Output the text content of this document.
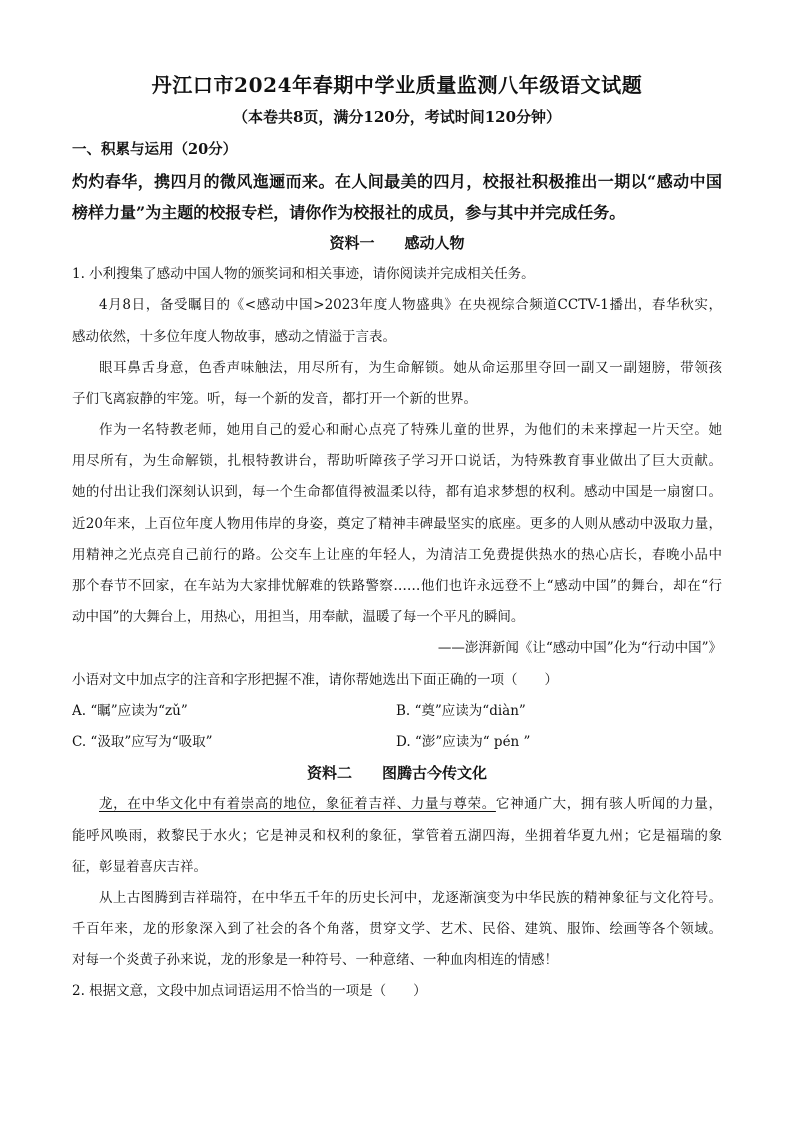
丹江口市2024年春期中学业质量监测八年级语文试题
（本卷共8页，满分120分，考试时间120分钟）
一、积累与运用（20分）
灼灼春华，携四月的微风迤逦而来。在人间最美的四月，校报社积极推出一期以“感动中国
榜样力量”为主题的校报专栏，请你作为校报社的成员，参与其中并完成任务。
资料一　　感动人物
1. 小利搜集了感动中国人物的颁奖词和相关事迹，请你阅读并完成相关任务。
4月8日，备受瞩目的《<感动中国>2023年度人物盛典》在央视综合频道CCTV-1播出，春华秋实，
感动依然，十多位年度人物故事，感动之情溢于言表。
眼耳鼻舌身意，色香声味触法，用尽所有，为生命解锁。她从命运那里夺回一副又一副翅膀，带领孩
子们飞离寂静的牢笼。听，每一个新的发音，都打开一个新的世界。
作为一名特教老师，她用自己的爱心和耐心点亮了特殊儿童的世界，为他们的未来撑起一片天空。她
用尽所有，为生命解锁，扎根特教讲台，帮助听障孩子学习开口说话，为特殊教育事业做出了巨大贡献。
她的付出让我们深刻认识到，每一个生命都值得被温柔以待，都有追求梦想的权利。感动中国是一扇窗口。
近20年来，上百位年度人物用伟岸的身姿，奠定了精神丰碑最坚实的底座。更多的人则从感动中汲取力量，
用精神之光点亮自己前行的路。公交车上让座的年轻人，为清洁工免费提供热水的热心店长，春晚小品中
那个春节不回家，在车站为大家排忧解难的铁路警察……他们也许永远登不上“感动中国”的舞台，却在“行
动中国”的大舞台上，用热心，用担当，用奉献，温暖了每一个平凡的瞬间。
——澎湃新闻《让“感动中国”化为“行动中国”》
小语对文中加点字的注音和字形把握不准，请你帮她选出下面正确的一项（　　）
A. “瞩”应读为“zǔ”	B. “奠”应读为“diàn”
C. “汲取”应写为“吸取”	D. “澎”应读为“ pén ”
资料二　　图腾古今传文化
龙，在中华文化中有着崇高的地位，象征着吉祥、力量与尊荣。它神通广大，拥有骇人听闻的力量，
能呼风唤雨，救黎民于水火；它是神灵和权利的象征，掌管着五湖四海，坐拥着华夏九州；它是福瑞的象
征，彰显着喜庆吉祥。
从上古图腾到吉祥瑞符，在中华五千年的历史长河中，龙逐渐演变为中华民族的精神象征与文化符号。
千百年来，龙的形象深入到了社会的各个角落，贯穿文学、艺术、民俗、建筑、服饰、绘画等各个领域。
对每一个炎黄子孙来说，龙的形象是一种符号、一种意绪、一种血肉相连的情感！
2. 根据文意，文段中加点词语运用不恰当的一项是（　　）
